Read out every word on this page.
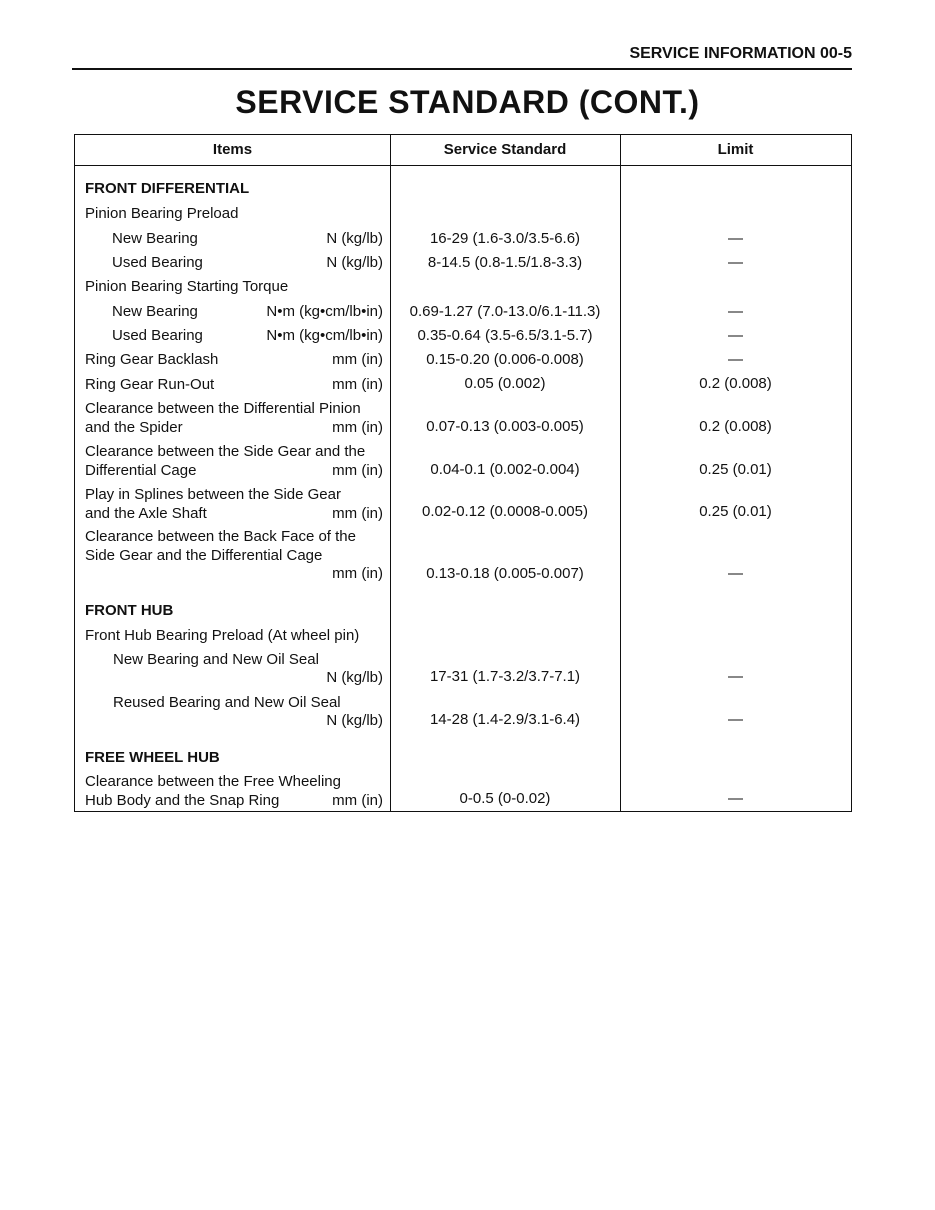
SERVICE INFORMATION 00-5
SERVICE STANDARD (CONT.)
Items	Service Standard	Limit
FRONT DIFFERENTIAL
Pinion Bearing Preload
New Bearing	N (kg/lb)	16-29 (1.6-3.0/3.5-6.6)	—
Used Bearing	N (kg/lb)	8-14.5 (0.8-1.5/1.8-3.3)	—
Pinion Bearing Starting Torque
New Bearing	N•m (kg•cm/lb•in)	0.69-1.27 (7.0-13.0/6.1-11.3)	—
Used Bearing	N•m (kg•cm/lb•in)	0.35-0.64 (3.5-6.5/3.1-5.7)	—
Ring Gear Backlash	mm (in)	0.15-0.20 (0.006-0.008)	—
Ring Gear Run-Out	mm (in)	0.05 (0.002)	0.2 (0.008)
Clearance between the Differential Pinion
and the Spider	mm (in)	0.07-0.13 (0.003-0.005)	0.2 (0.008)
Clearance between the Side Gear and the
Differential Cage	mm (in)	0.04-0.1 (0.002-0.004)	0.25 (0.01)
Play in Splines between the Side Gear
and the Axle Shaft	mm (in)	0.02-0.12 (0.0008-0.005)	0.25 (0.01)
Clearance between the Back Face of the
Side Gear and the Differential Cage
mm (in)	0.13-0.18 (0.005-0.007)	—
FRONT HUB
Front Hub Bearing Preload (At wheel pin)
New Bearing and New Oil Seal
N (kg/lb)	17-31 (1.7-3.2/3.7-7.1)	—
Reused Bearing and New Oil Seal
N (kg/lb)	14-28 (1.4-2.9/3.1-6.4)	—
FREE WHEEL HUB
Clearance between the Free Wheeling
Hub Body and the Snap Ring	mm (in)	0-0.5 (0-0.02)	—
